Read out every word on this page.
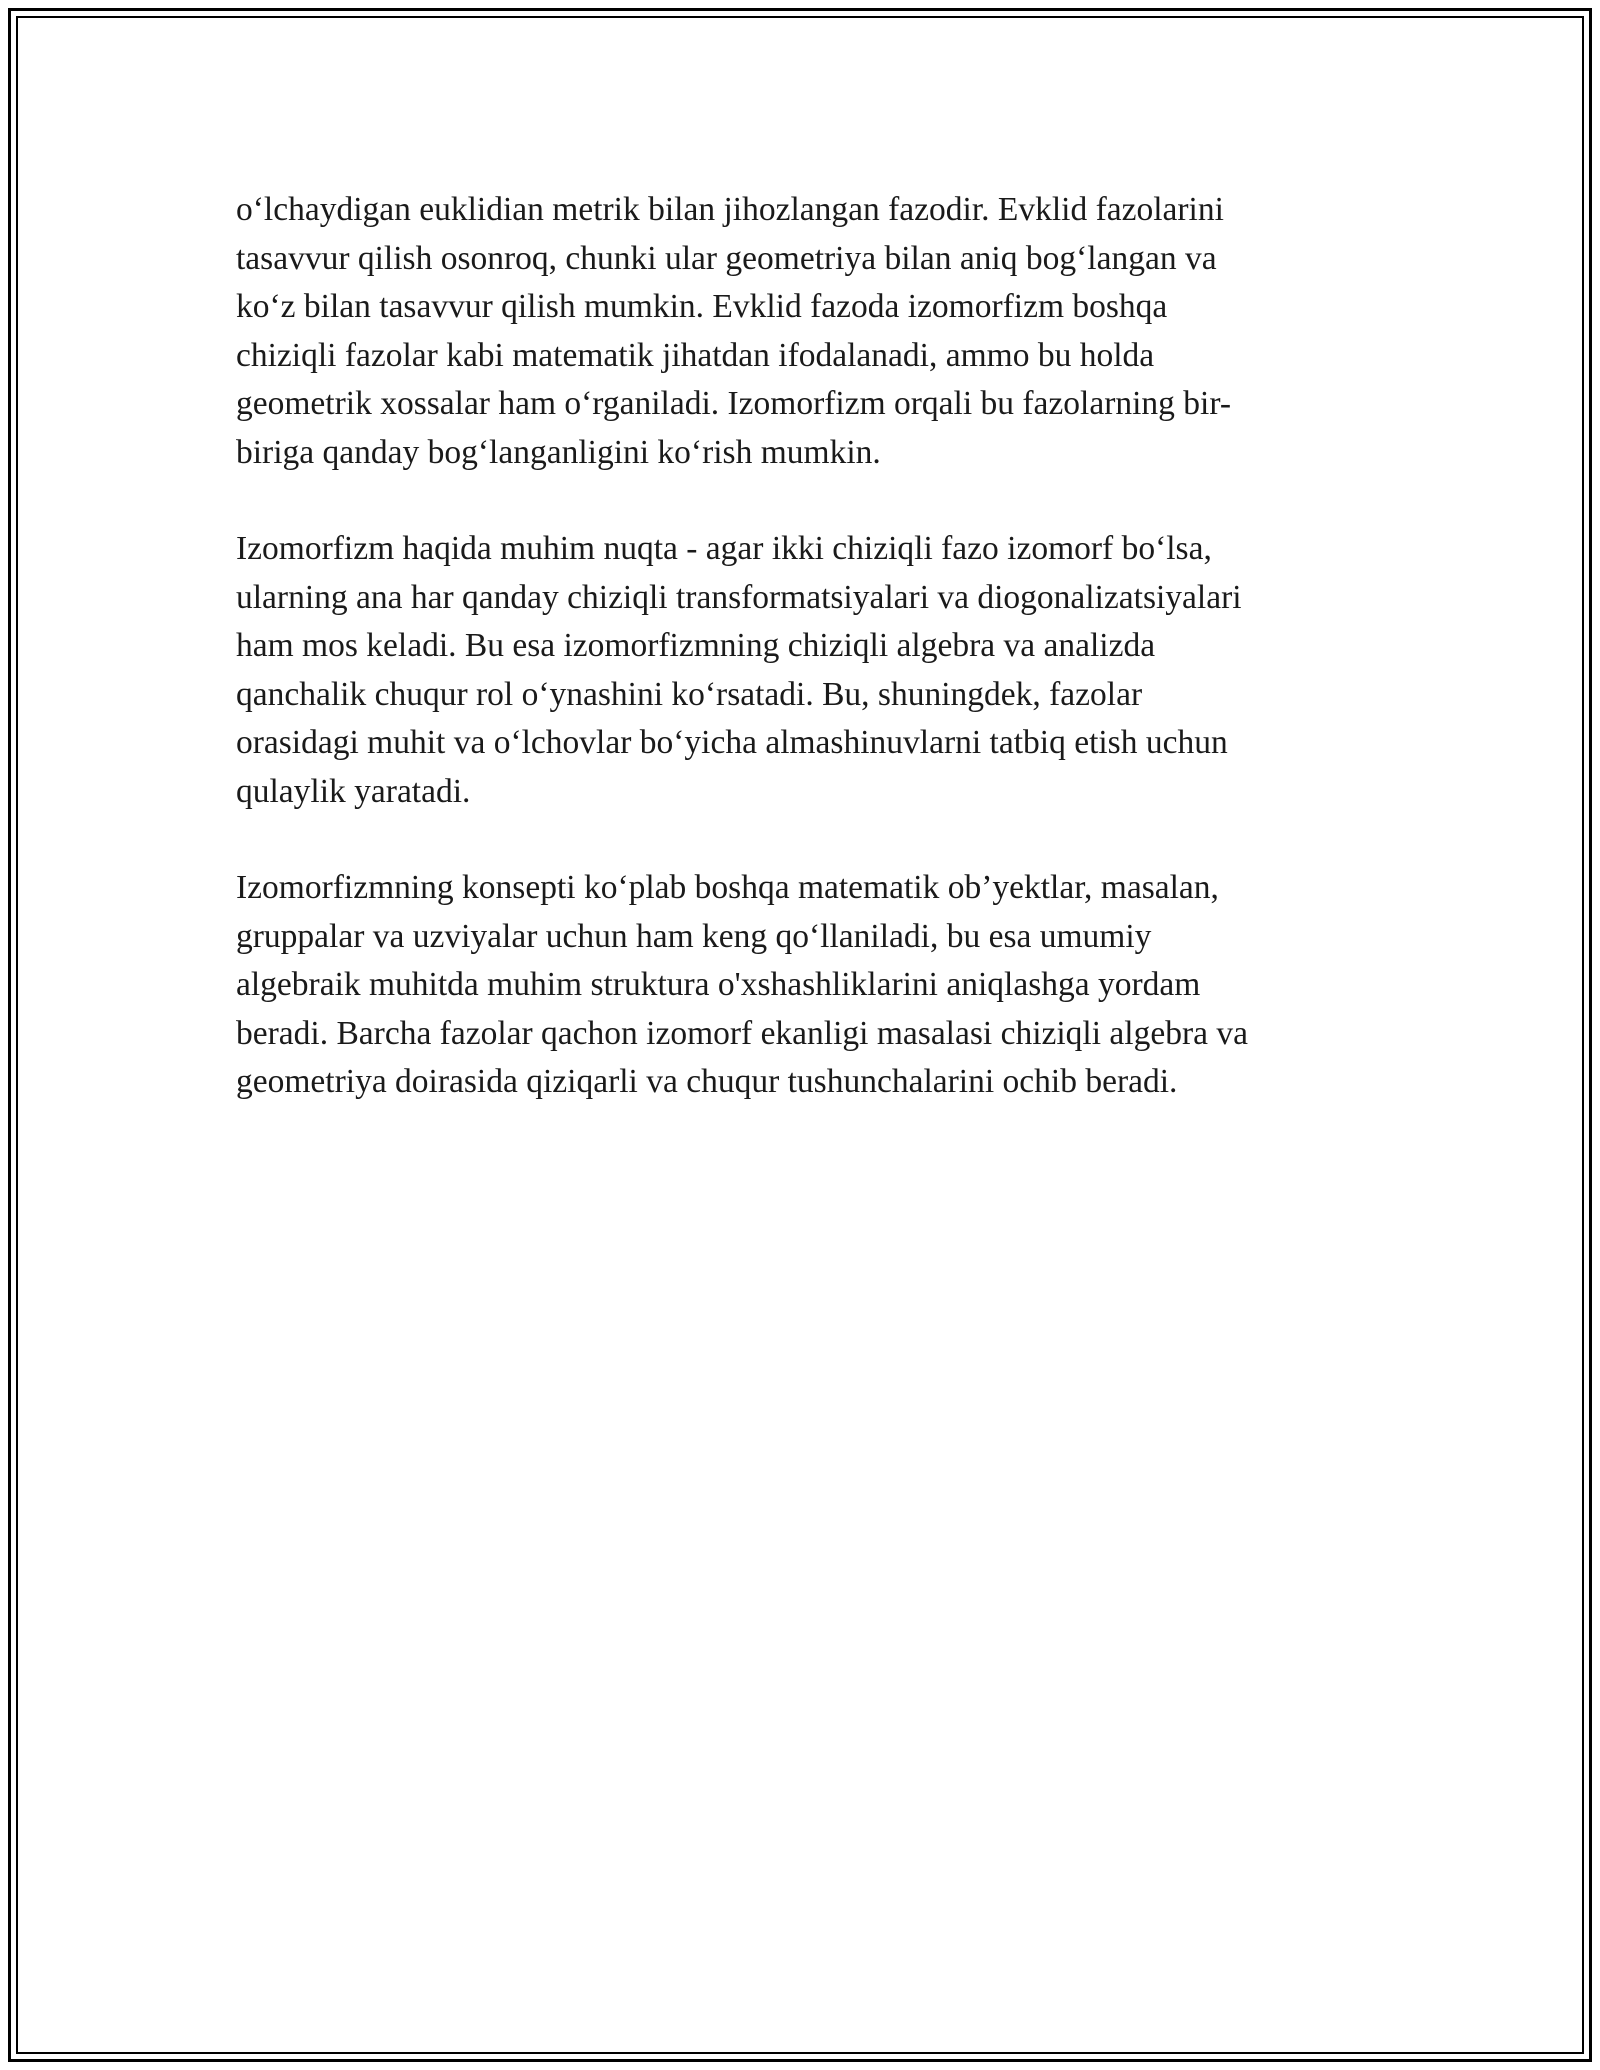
o‘lchaydigan euklidian metrik bilan jihozlangan fazodir. Evklid fazolarini
tasavvur qilish osonroq, chunki ular geometriya bilan aniq bog‘langan va
ko‘z bilan tasavvur qilish mumkin. Evklid fazoda izomorfizm boshqa
chiziqli fazolar kabi matematik jihatdan ifodalanadi, ammo bu holda
geometrik xossalar ham o‘rganiladi. Izomorfizm orqali bu fazolarning bir-
biriga qanday bog‘langanligini ko‘rish mumkin.

Izomorfizm haqida muhim nuqta - agar ikki chiziqli fazo izomorf bo‘lsa,
ularning ana har qanday chiziqli transformatsiyalari va diogonalizatsiyalari
ham mos keladi. Bu esa izomorfizmning chiziqli algebra va analizda
qanchalik chuqur rol o‘ynashini ko‘rsatadi. Bu, shuningdek, fazolar
orasidagi muhit va o‘lchovlar bo‘yicha almashinuvlarni tatbiq etish uchun
qulaylik yaratadi.

Izomorfizmning konsepti ko‘plab boshqa matematik ob’yektlar, masalan,
gruppalar va uzviyalar uchun ham keng qo‘llaniladi, bu esa umumiy
algebraik muhitda muhim struktura o'xshashliklarini aniqlashga yordam
beradi. Barcha fazolar qachon izomorf ekanligi masalasi chiziqli algebra va
geometriya doirasida qiziqarli va chuqur tushunchalarini ochib beradi.
